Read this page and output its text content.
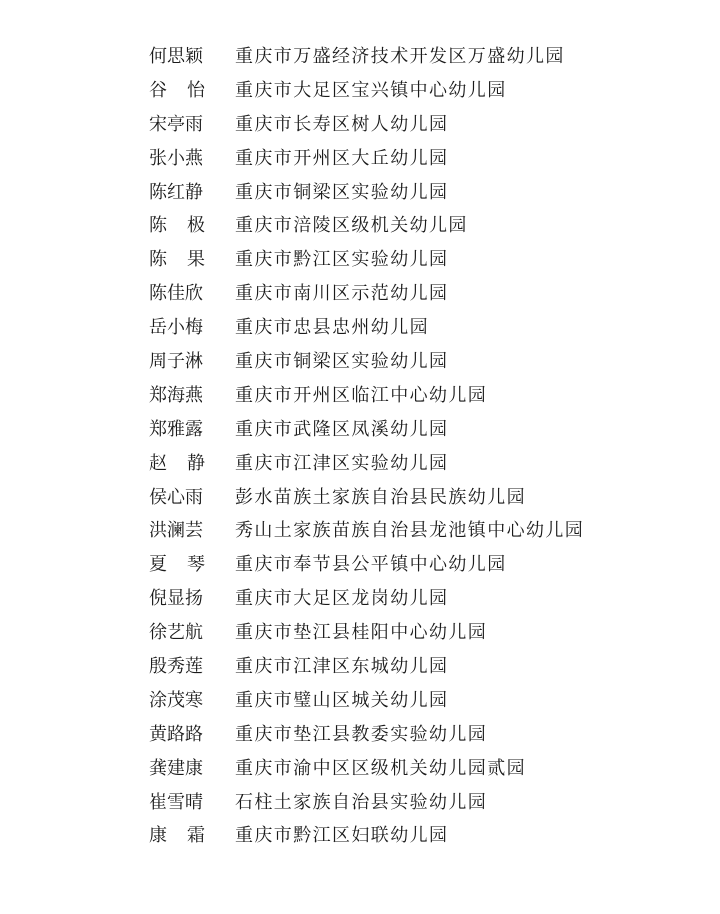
何思颖	重庆市万盛经济技术开发区万盛幼儿园
谷 怡 重庆市大足区宝兴镇中心幼儿园
宋亭雨	重庆市长寿区树人幼儿园
张小燕	重庆市开州区大丘幼儿园
陈红静	重庆市铜梁区实验幼儿园
陈 极 重庆市涪陵区级机关幼儿园
陈 果 重庆市黔江区实验幼儿园
陈佳欣	重庆市南川区示范幼儿园
岳小梅	重庆市忠县忠州幼儿园
周子淋	重庆市铜梁区实验幼儿园
郑海燕	重庆市开州区临江中心幼儿园
郑雅露	重庆市武隆区凤溪幼儿园
赵 静 重庆市江津区实验幼儿园
侯心雨	彭水苗族土家族自治县民族幼儿园
洪澜芸	秀山土家族苗族自治县龙池镇中心幼儿园
夏 琴 重庆市奉节县公平镇中心幼儿园
倪显扬	重庆市大足区龙岗幼儿园
徐艺航	重庆市垫江县桂阳中心幼儿园
殷秀莲	重庆市江津区东城幼儿园
涂茂寒	重庆市璧山区城关幼儿园
黄路路	重庆市垫江县教委实验幼儿园
龚建康	重庆市渝中区区级机关幼儿园贰园
崔雪晴	石柱土家族自治县实验幼儿园
康 霜 重庆市黔江区妇联幼儿园
